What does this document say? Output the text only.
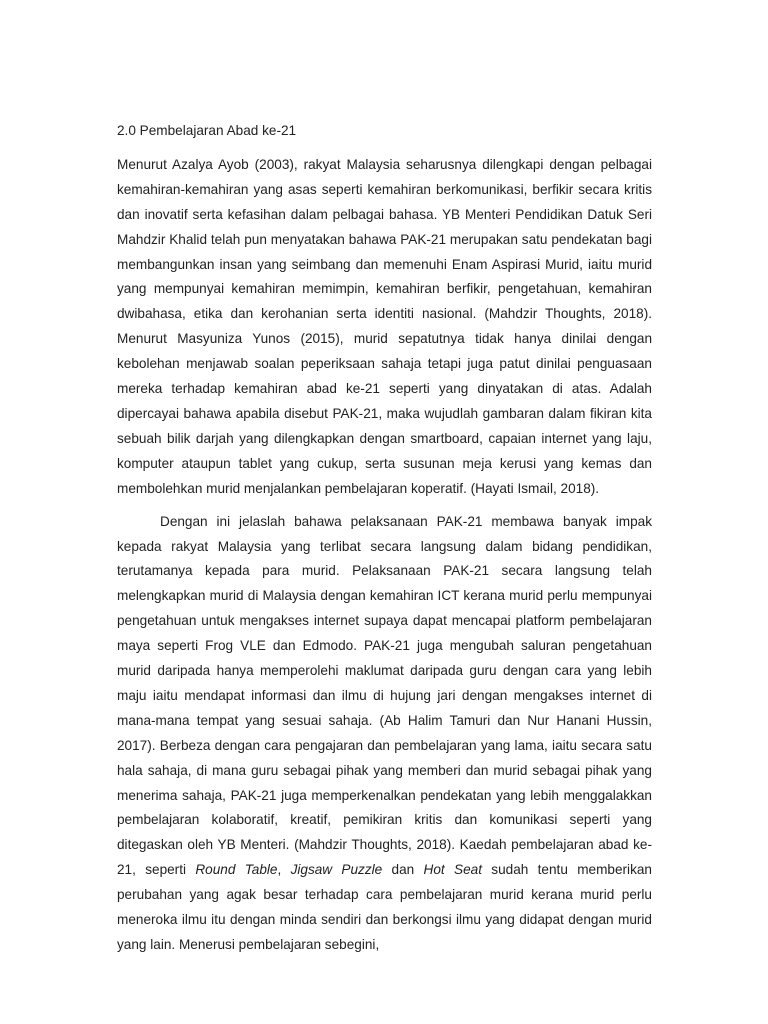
2.0 Pembelajaran Abad ke-21

Menurut Azalya Ayob (2003), rakyat Malaysia seharusnya dilengkapi dengan pelbagai kemahiran-kemahiran yang asas seperti kemahiran berkomunikasi, berfikir secara kritis dan inovatif serta kefasihan dalam pelbagai bahasa. YB Menteri Pendidikan Datuk Seri Mahdzir Khalid telah pun menyatakan bahawa PAK-21 merupakan satu pendekatan bagi membangunkan insan yang seimbang dan memenuhi Enam Aspirasi Murid, iaitu murid yang mempunyai kemahiran memimpin, kemahiran berfikir, pengetahuan, kemahiran dwibahasa, etika dan kerohanian serta identiti nasional. (Mahdzir Thoughts, 2018). Menurut Masyuniza Yunos (2015), murid sepatutnya tidak hanya dinilai dengan kebolehan menjawab soalan peperiksaan sahaja tetapi juga patut dinilai penguasaan mereka terhadap kemahiran abad ke-21 seperti yang dinyatakan di atas. Adalah dipercayai bahawa apabila disebut PAK-21, maka wujudlah gambaran dalam fikiran kita sebuah bilik darjah yang dilengkapkan dengan smartboard, capaian internet yang laju, komputer ataupun tablet yang cukup, serta susunan meja kerusi yang kemas dan membolehkan murid menjalankan pembelajaran koperatif. (Hayati Ismail, 2018).

Dengan ini jelaslah bahawa pelaksanaan PAK-21 membawa banyak impak kepada rakyat Malaysia yang terlibat secara langsung dalam bidang pendidikan, terutamanya kepada para murid. Pelaksanaan PAK-21 secara langsung telah melengkapkan murid di Malaysia dengan kemahiran ICT kerana murid perlu mempunyai pengetahuan untuk mengakses internet supaya dapat mencapai platform pembelajaran maya seperti Frog VLE dan Edmodo. PAK-21 juga mengubah saluran pengetahuan murid daripada hanya memperolehi maklumat daripada guru dengan cara yang lebih maju iaitu mendapat informasi dan ilmu di hujung jari dengan mengakses internet di mana-mana tempat yang sesuai sahaja. (Ab Halim Tamuri dan Nur Hanani Hussin, 2017). Berbeza dengan cara pengajaran dan pembelajaran yang lama, iaitu secara satu hala sahaja, di mana guru sebagai pihak yang memberi dan murid sebagai pihak yang menerima sahaja, PAK-21 juga memperkenalkan pendekatan yang lebih menggalakkan pembelajaran kolaboratif, kreatif, pemikiran kritis dan komunikasi seperti yang ditegaskan oleh YB Menteri. (Mahdzir Thoughts, 2018). Kaedah pembelajaran abad ke-21, seperti Round Table, Jigsaw Puzzle dan Hot Seat sudah tentu memberikan perubahan yang agak besar terhadap cara pembelajaran murid kerana murid perlu meneroka ilmu itu dengan minda sendiri dan berkongsi ilmu yang didapat dengan murid yang lain. Menerusi pembelajaran sebegini,
